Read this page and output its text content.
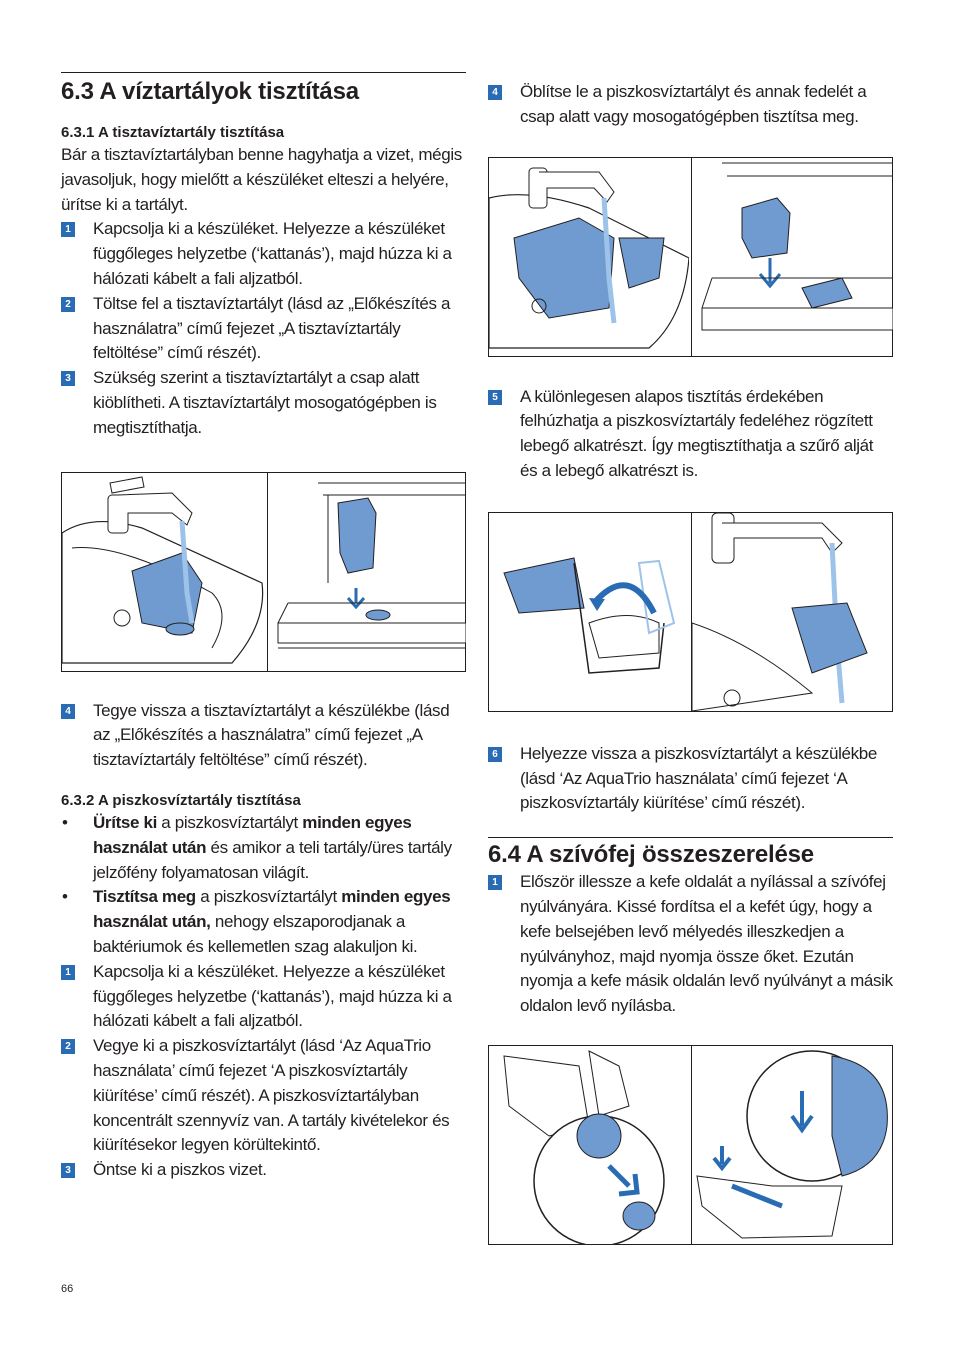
6.3 A víztartályok tisztítása
6.3.1 A tisztavíztartály tisztítása

Bár a tisztavíztartályban benne hagyhatja a vizet, mégis javasoljuk, hogy mielőtt a készüléket elteszi a helyére, ürítse ki a tartályt.

1 Kapcsolja ki a készüléket. Helyezze a készüléket függőleges helyzetbe (‘kattanás’), majd húzza ki a hálózati kábelt a fali aljzatból.
2 Töltse fel a tisztavíztartályt (lásd az „Előkészítés a használatra” című fejezet „A tisztavíztartály feltöltése” című részét).
3 Szükség szerint a tisztavíztartályt a csap alatt kiöblítheti. A tisztavíztartályt mosogatógépben is megtisztíthatja.
4 Tegye vissza a tisztavíztartályt a készülékbe (lásd az „Előkészítés a használatra” című fejezet „A tisztavíztartály feltöltése” című részét).
6.3.2 A piszkosvíztartály tisztítása
• Ürítse ki a piszkosvíztartályt minden egyes használat után és amikor a teli tartály/üres tartály jelzőfény folyamatosan világít.
• Tisztítsa meg a piszkosvíztartályt minden egyes használat után, nehogy elszaporodjanak a baktériumok és kellemetlen szag alakuljon ki.
1 Kapcsolja ki a készüléket. Helyezze a készüléket függőleges helyzetbe (‘kattanás’), majd húzza ki a hálózati kábelt a fali aljzatból.
2 Vegye ki a piszkosvíztartályt (lásd ‘Az AquaTrio használata’ című fejezet ‘A piszkosvíztartály kiürítése’ című részét). A piszkosvíztartályban koncentrált szennyvíz van. A tartály kivételekor és kiürítésekor legyen körültekintő.
3 Öntse ki a piszkos vizet.
4 Öblítse le a piszkosvíztartályt és annak fedelét a csap alatt vagy mosogatógépben tisztítsa meg.
5 A különlegesen alapos tisztítás érdekében felhúzhatja a piszkosvíztartály fedeléhez rögzített lebegő alkatrészt. Így megtisztíthatja a szűrő alját és a lebegő alkatrészt is.
6 Helyezze vissza a piszkosvíztartályt a készülékbe (lásd ‘Az AquaTrio használata’ című fejezet ‘A piszkosvíztartály kiürítése’ című részét).
6.4 A szívófej összeszerelése
1 Először illessze a kefe oldalát a nyílással a szívófej nyúlványára. Kissé fordítsa el a kefét úgy, hogy a kefe belsejében levő mélyedés illeszkedjen a nyúlványhoz, majd nyomja össze őket. Ezután nyomja a kefe másik oldalán levő nyúlványt a másik oldalon levő nyílásba.
66
